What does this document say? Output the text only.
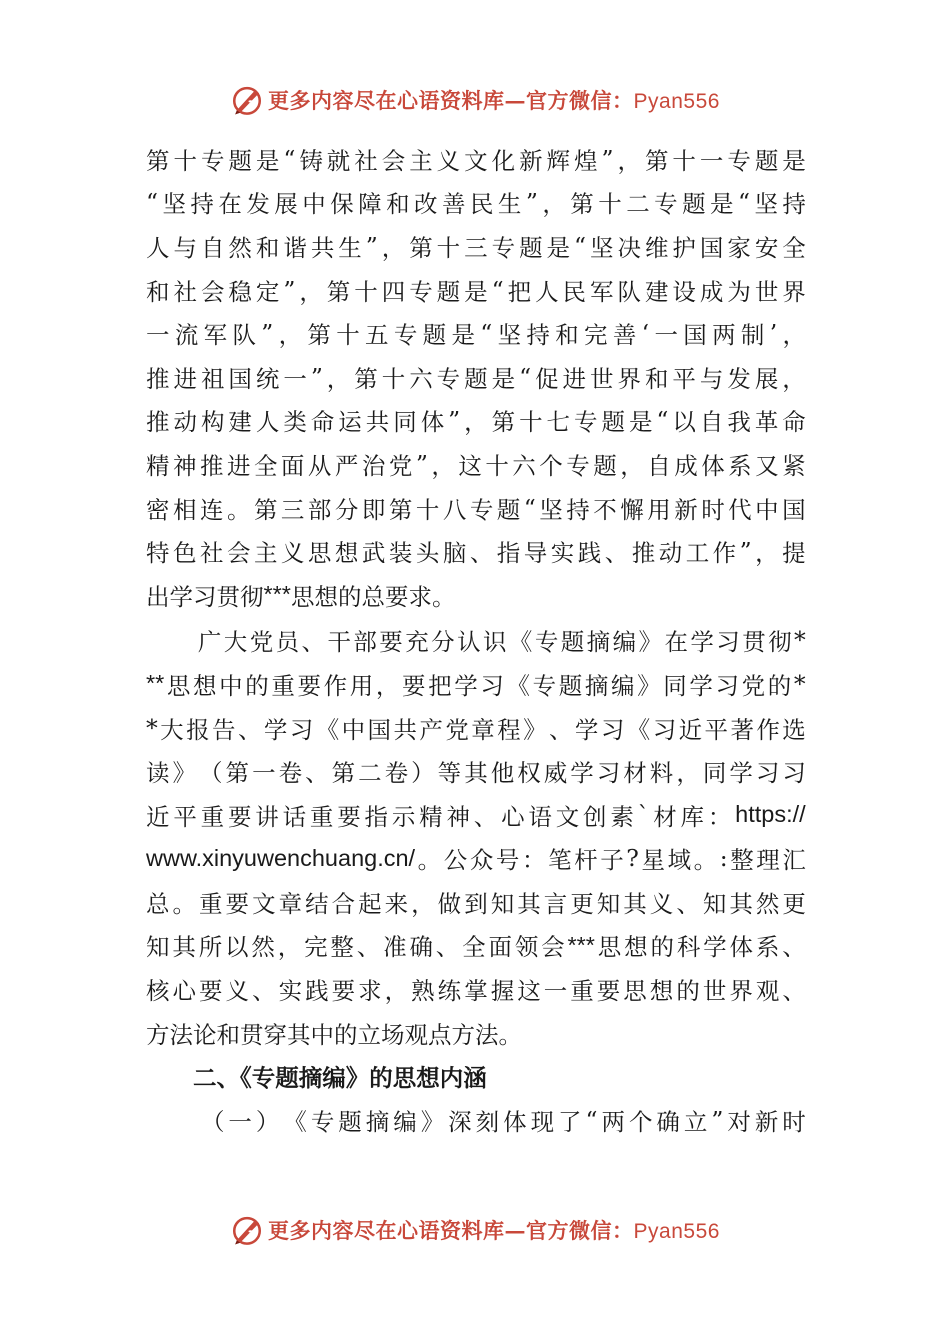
更多内容尽在心语资料库—官方微信：Pyan556
第 十 专 题 是 “ 铸 就 社 会 主 义 文 化 新 辉 煌 ” ， 第 十 一 专 题 是
“ 坚 持 在 发 展 中 保 障 和 改 善 民 生 ” ， 第 十 二 专 题 是 “ 坚 持
人 与 自 然 和 谐 共 生 ” ， 第 十 三 专 题 是 “ 坚 决 维 护 国 家 安 全
和 社 会 稳 定 ” ， 第 十 四 专 题 是 “ 把 人 民 军 队 建 设 成 为 世 界
一 流 军 队 ” ， 第 十 五 专 题 是 “ 坚 持 和 完 善 ‘ 一 国 两 制 ’ ，
推 进 祖 国 统 一 ” ， 第 十 六 专 题 是 “ 促 进 世 界 和 平 与 发 展 ，
推 动 构 建 人 类 命 运 共 同 体 ” ， 第 十 七 专 题 是 “ 以 自 我 革 命
精 神 推 进 全 面 从 严 治 党 ” ， 这 十 六 个 专 题 ， 自 成 体 系 又 紧
密 相 连 。 第 三 部 分 即 第 十 八 专 题 “ 坚 持 不 懈 用 新 时 代 中 国
特 色 社 会 主 义 思 想 武 装 头 脑 、 指 导 实 践 、 推 动 工 作 ” ， 提
出 学 习 贯 彻 *** 思 想 的 总 要 求 。

广 大 党 员 、 干 部 要 充 分 认 识 《 专 题 摘 编 》 在 学 习 贯 彻 *
** 思 想 中 的 重 要 作 用 ， 要 把 学 习 《 专 题 摘 编 》 同 学 习 党 的 *
* 大 报 告 、 学 习 《 中 国 共 产 党 章 程 》 、 学 习 《 习 近 平 著 作 选
读 》 （ 第 一 卷 、 第 二 卷 ） 等 其 他 权 威 学 习 材 料 ， 同 学 习 习
近 平 重 要 讲 话 重 要 指 示 精 神 、 心 语 文 创 素 ` 材 库 ： https://
www.xinyuwenchuang.cn/ 。 公 众 号 ： 笔 杆 子 ? 星 域 。 : 整 理 汇
总 。 重 要 文 章 结 合 起 来 ， 做 到 知 其 言 更 知 其 义 、 知 其 然 更
知 其 所 以 然 ， 完 整 、 准 确 、 全 面 领 会 *** 思 想 的 科 学 体 系 、
核 心 要 义 、 实 践 要 求 ， 熟 练 掌 握 这 一 重 要 思 想 的 世 界 观 、
方 法 论 和 贯 穿 其 中 的 立 场 观 点 方 法 。
　　二、《专题摘编》的思想内涵

（ 一 ） 《 专 题 摘 编 》 深 刻 体 现 了 “ 两 个 确 立 ” 对 新 时
更多内容尽在心语资料库—官方微信：Pyan556
